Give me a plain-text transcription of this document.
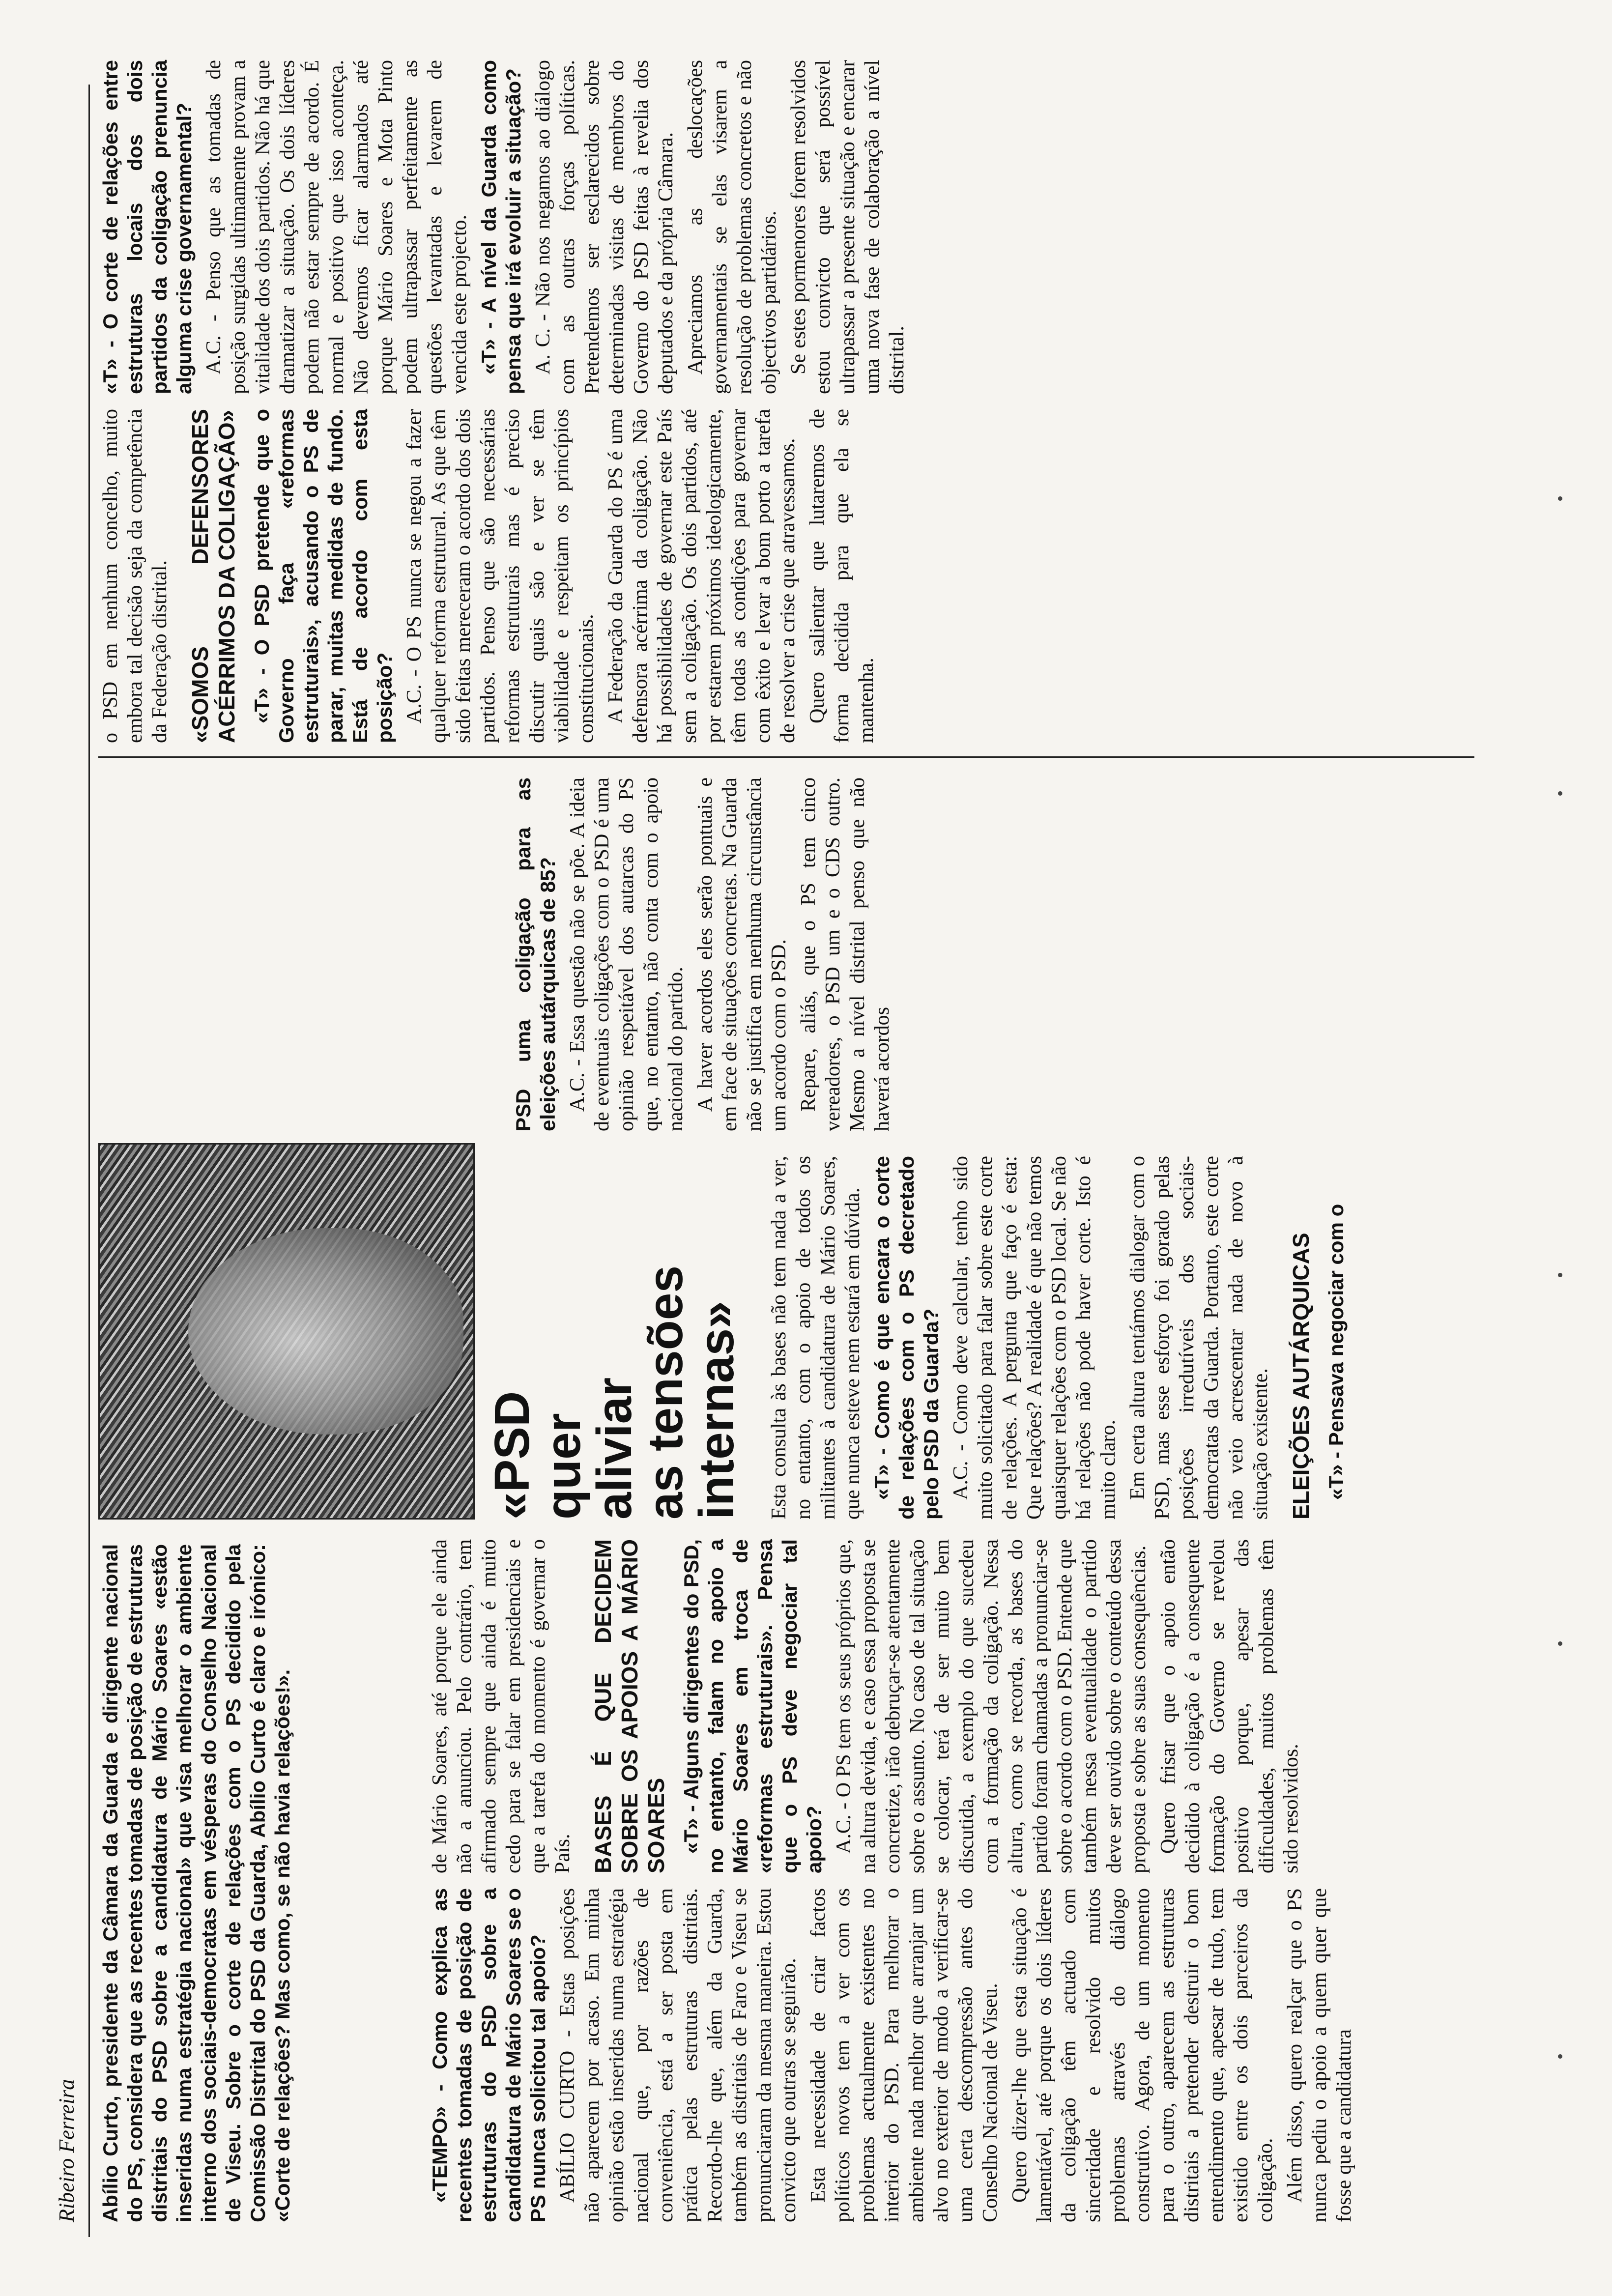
Ribeiro Ferreira Abílio Curto, presidente da Câmara da Guarda e dirigente nacional do PS, considera que as recentes tomadas de posição de estruturas distritais do PSD sobre a candidatura de Mário Soares «estão inseridas numa estratégia nacional» que visa melhorar o ambiente interno dos sociais-democratas em vésperas do Conselho Nacional de Viseu. Sobre o corte de relações com o PS decidido pela Comissão Distrital do PSD da Guarda, Abílio Curto é claro e irónico: «Corte de relações? Mas como, se não havia relações!».	«TEMPO» - Como explica as recentes tomadas de posição de estruturas do PSD sobre a candidatura de Mário Soares se o PS nunca solicitou tal apoio? ABÍLIO CURTO - Estas posições não aparecem por acaso. Em minha opinião estão inseridas numa estratégia nacional que, por razões de conveniência, está a ser posta em prática pelas estruturas distritais. Recordo-lhe que, além da Guarda, também as distritais de Faro e Viseu se pronunciaram da mesma maneira. Estou convicto que outras se seguirão. Esta necessidade de criar factos políticos novos tem a ver com os problemas actualmente existentes no interior do PSD. Para melhorar o ambiente nada melhor que arranjar um alvo no exterior de modo a verificar-se uma certa descompressão antes do Conselho Nacional de Viseu. Quero dizer-lhe que esta situação é lamentável, até porque os dois líderes da coligação têm actuado com sinceridade e resolvido muitos problemas através do diálogo construtivo. Agora, de um momento para o outro, aparecem as estruturas distritais a pretender destruir o bom entendimento que, apesar de tudo, tem existido entre os dois parceiros da coligação. Além disso, quero realçar que o PS nunca pediu o apoio a quem quer que fosse que a candidatura

de Mário Soares, até porque ele ainda não a anunciou. Pelo contrário, tem afirmado sempre que ainda é muito cedo para se falar em presidenciais e que a tarefa do momento é governar o País. BASES É QUE DECIDEM SOBRE OS APOIOS A MÁRIO SOARES «T» - Alguns dirigentes do PSD, no entanto, falam no apoio a Mário Soares em troca de «reformas estruturais». Pensa que o PS deve negociar tal apoio? A.C. - O PS tem os seus próprios que, na altura devida, e caso essa proposta se concretize, irão debruçar-se atentamente sobre o assunto. No caso de tal situação se colocar, terá de ser muito bem discutida, a exemplo do que sucedeu com a formação da coligação. Nessa altura, como se recorda, as bases do partido foram chamadas a pronunciar-se sobre o acordo com o PSD. Entende que também nessa eventualidade o partido deve ser ouvido sobre o conteúdo dessa proposta e sobre as suas consequências. Quero frisar que o apoio então decidido à coligação é a consequente formação do Governo se revelou positivo porque, apesar das dificuldades, muitos problemas têm sido resolvidos.

«PSD
quer
aliviar
as tensões
internas» Esta consulta às bases não tem nada a ver, no entanto, com o apoio de todos os militantes à candidatura de Mário Soares, que nunca esteve nem estará em dúvida. «T» - Como é que encara o corte de relações com o PS decretado pelo PSD da Guarda? A.C. - Como deve calcular, tenho sido muito solicitado para falar sobre este corte de relações. A pergunta que faço é esta: Que relações? A realidade é que não temos quaisquer relações com o PSD local. Se não há relações não pode haver corte. Isto é muito claro. Em certa altura tentámos dialogar com o PSD, mas esse esforço foi gorado pelas posições irredutíveis dos sociais-democratas da Guarda. Portanto, este corte não veio acrescentar nada de novo à situação existente. ELEIÇÕES AUTÁRQUICAS «T» - Pensava negociar com o

PSD uma coligação para as eleições autárquicas de 85? A.C. - Essa questão não se põe. A ideia de eventuais coligações com o PSD é uma opinião respeitável dos autarcas do PS que, no entanto, não conta com o apoio nacional do partido. A haver acordos eles serão pontuais e em face de situações concretas. Na Guarda não se justifica em nenhuma circunstância um acordo com o PSD. Repare, aliás, que o PS tem cinco vereadores, o PSD um e o CDS outro. Mesmo a nível distrital penso que não haverá acordos

o PSD em nenhum concelho, muito embora tal decisão seja da competência da Federação distrital. «SOMOS DEFENSORES ACÉRRIMOS DA COLIGAÇÃO» «T» - O PSD pretende que o Governo faça «reformas estruturais», acusando o PS de parar, muitas medidas de fundo. Está de acordo com esta posição? A.C. - O PS nunca se negou a fazer qualquer reforma estrutural. As que têm sido feitas mereceram o acordo dos dois partidos. Penso que são necessárias reformas estruturais mas é preciso discutir quais são e ver se têm viabilidade e respeitam os princípios constitucionais. A Federação da Guarda do PS é uma defensora acérrima da coligação. Não há possibilidades de governar este País sem a coligação. Os dois partidos, até por estarem próximos ideologicamente, têm todas as condições para governar com êxito e levar a bom porto a tarefa de resolver a crise que atravessamos. Quero salientar que lutaremos de forma decidida para que ela se mantenha.

«T» - O corte de relações entre estruturas locais dos dois partidos da coligação prenuncia alguma crise governamental? A.C. - Penso que as tomadas de posição surgidas ultimamente provam a vitalidade dos dois partidos. Não há que dramatizar a situação. Os dois líderes podem não estar sempre de acordo. É normal e positivo que isso aconteça. Não devemos ficar alarmados até porque Mário Soares e Mota Pinto podem ultrapassar perfeitamente as questões levantadas e levarem de vencida este projecto. «T» - A nível da Guarda como pensa que irá evoluir a situação? A. C. - Não nos negamos ao diálogo com as outras forças políticas. Pretendemos ser esclarecidos sobre determinadas visitas de membros do Governo do PSD feitas à revelia dos deputados e da própria Câmara. Apreciamos as deslocações governamentais se elas visarem a resolução de problemas concretos e não objectivos partidários. Se estes pormenores forem resolvidos estou convicto que será possível ultrapassar a presente situação e encarar uma nova fase de colaboração a nível distrital.
